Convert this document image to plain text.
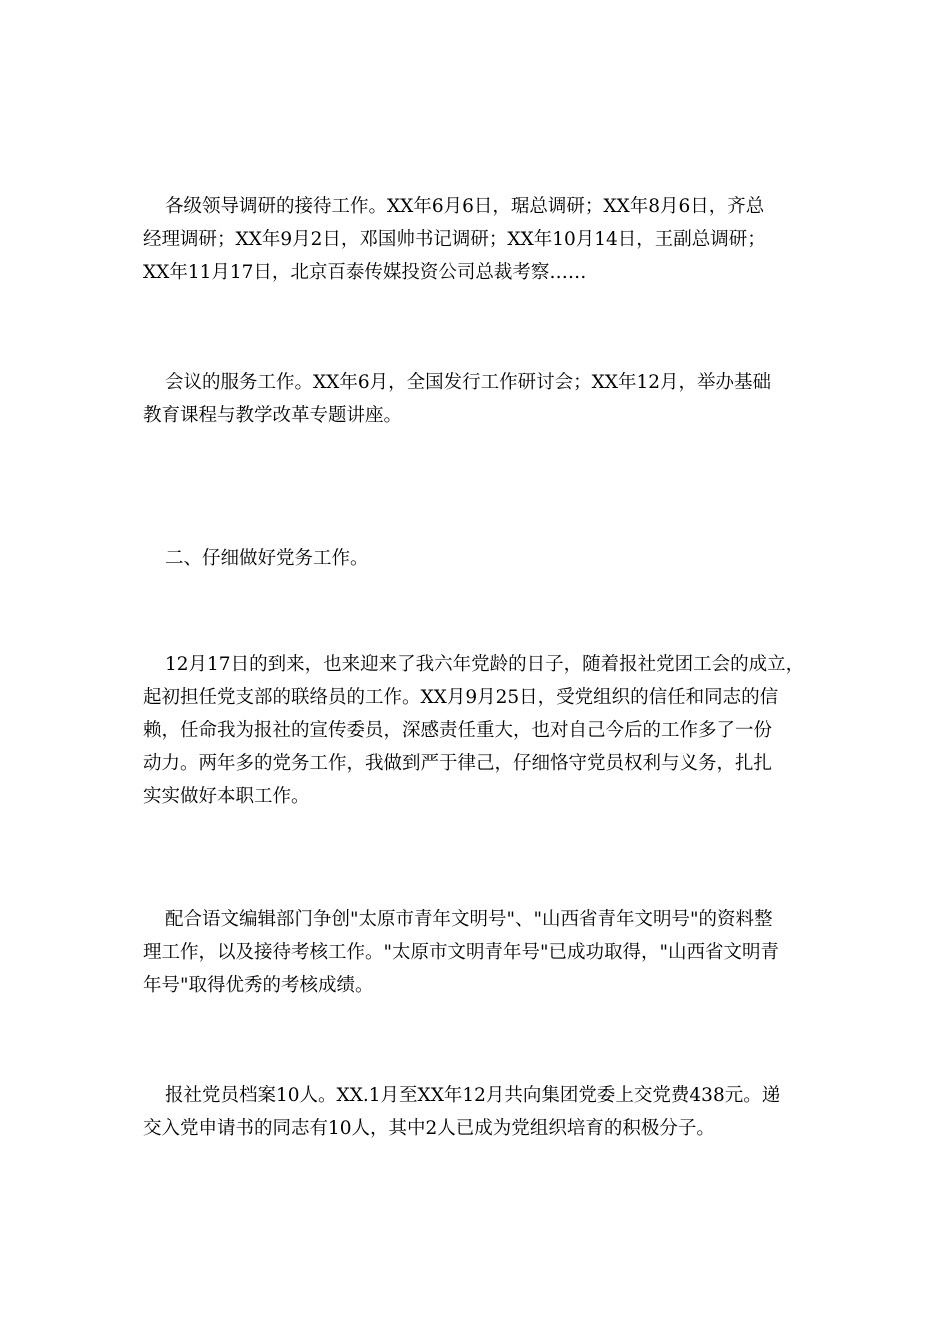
各级领导调研的接待工作。XX年6月6日，琚总调研；XX年8月6日，齐总
经理调研；XX年9月2日，邓国帅书记调研；XX年10月14日，王副总调研；
XX年11月17日，北京百泰传媒投资公司总裁考察……
会议的服务工作。XX年6月，全国发行工作研讨会；XX年12月，举办基础
教育课程与教学改革专题讲座。
二、仔细做好党务工作。
12月17日的到来，也来迎来了我六年党龄的日子，随着报社党团工会的成立，
起初担任党支部的联络员的工作。XX月9月25日，受党组织的信任和同志的信
赖，任命我为报社的宣传委员，深感责任重大，也对自己今后的工作多了一份
动力。两年多的党务工作，我做到严于律己，仔细恪守党员权利与义务，扎扎
实实做好本职工作。
配合语文编辑部门争创"太原市青年文明号"、"山西省青年文明号"的资料整
理工作，以及接待考核工作。"太原市文明青年号"已成功取得，"山西省文明青
年号"取得优秀的考核成绩。
报社党员档案10人。XX.1月至XX年12月共向集团党委上交党费438元。递
交入党申请书的同志有10人，其中2人已成为党组织培育的积极分子。
